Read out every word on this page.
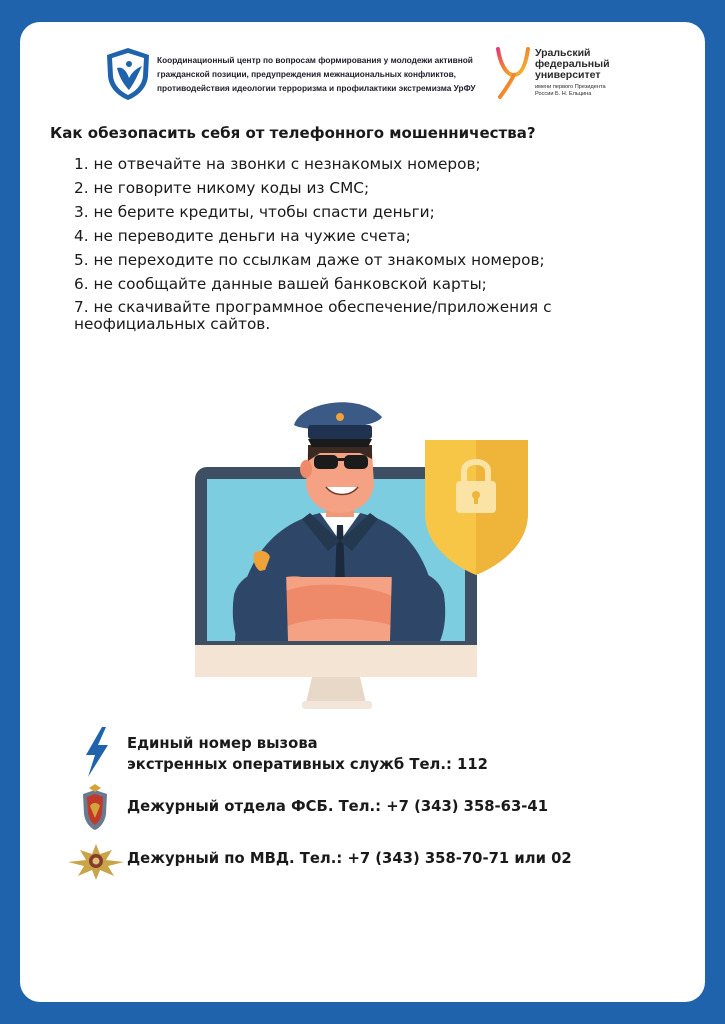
Координационный центр по вопросам формирования у молодежи активной
гражданской позиции, предупреждения межнациональных конфликтов,
противодействия идеологии терроризма и профилактики экстремизма УрФУ
Уральский
федеральный
университет
имени первого Президента
России Б. Н. Ельцина
Как обезопасить себя от телефонного мошенничества?
1. не отвечайте на звонки с незнакомых номеров;
2. не говорите никому коды из СМС;
3. не берите кредиты, чтобы спасти деньги;
4. не переводите деньги на чужие счета;
5. не переходите по ссылкам даже от знакомых номеров;
6. не сообщайте данные вашей банковской карты;
7. не скачивайте программное обеспечение/приложения с неофициальных сайтов.
Единый номер вызова
экстренных оперативных служб Тел.: 112
Дежурный отдела ФСБ. Тел.: +7 (343) 358-63-41
Дежурный по МВД. Тел.: +7 (343) 358-70-71 или 02
